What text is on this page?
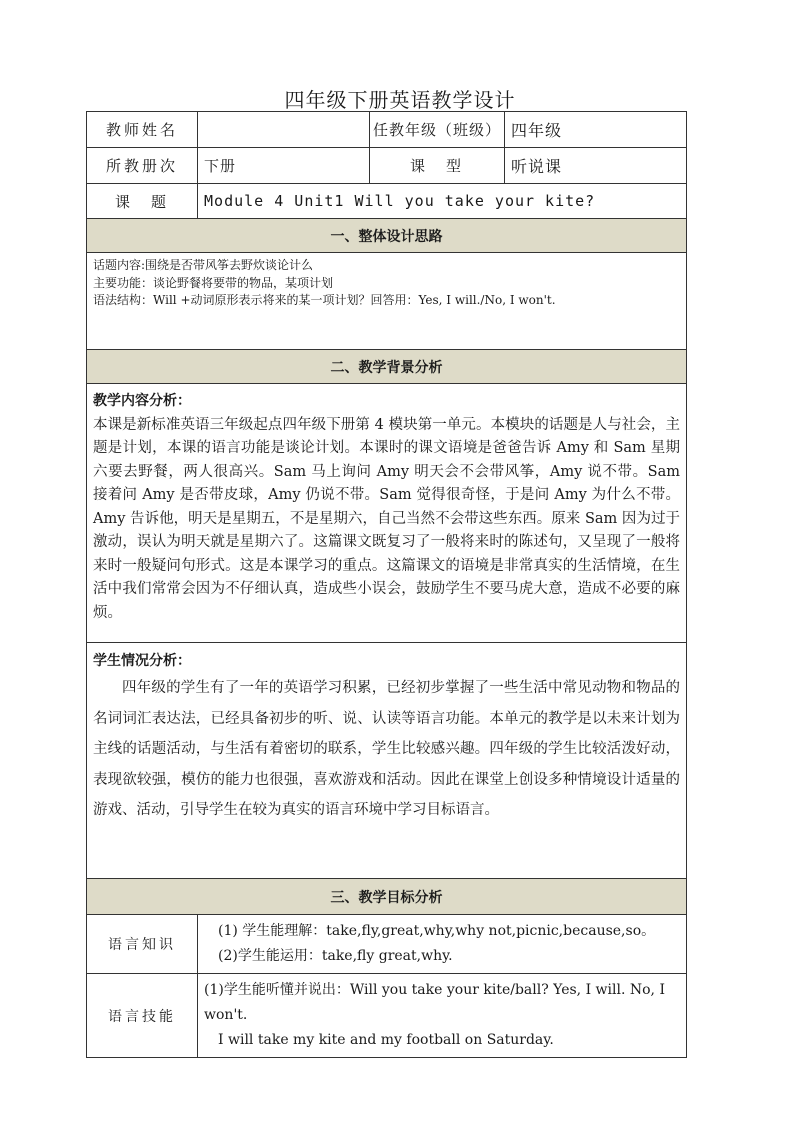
四年级下册英语教学设计
教师姓名		任教年级（班级）	四年级
所教册次	下册	课　型	听说课
课　题	Module 4 Unit1 Will you take your kite?		
一、整体设计思路			

话题内容:围绕是否带风筝去野炊谈论计么
主要功能：谈论野餐将要带的物品，某项计划
语法结构：Will +动词原形表示将来的某一项计划？回答用：Yes, I will./No, I won't.			

二、教学背景分析			

教学内容分析：
本课是新标准英语三年级起点四年级下册第 4 模块第一单元。本模块的话题是人与社会，主题是计划，本课的语言功能是谈论计划。本课时的课文语境是爸爸告诉 Amy 和 Sam 星期六要去野餐，两人很高兴。Sam 马上询问 Amy 明天会不会带风筝，Amy 说不带。Sam 接着问 Amy 是否带皮球，Amy 仍说不带。Sam 觉得很奇怪，于是问 Amy 为什么不带。Amy 告诉他，明天是星期五，不是星期六，自己当然不会带这些东西。原来 Sam 因为过于激动，误认为明天就是星期六了。这篇课文既复习了一般将来时的陈述句，又呈现了一般将来时一般疑问句形式。这是本课学习的重点。这篇课文的语境是非常真实的生活情境，在生活中我们常常会因为不仔细认真，造成些小误会，鼓励学生不要马虎大意，造成不必要的麻烦。			

学生情况分析：
四年级的学生有了一年的英语学习积累，已经初步掌握了一些生活中常见动物和物品的名词词汇表达法，已经具备初步的听、说、认读等语言功能。本单元的教学是以未来计划为主线的话题活动，与生活有着密切的联系，学生比较感兴趣。四年级的学生比较活泼好动，表现欲较强，模仿的能力也很强，喜欢游戏和活动。因此在课堂上创设多种情境设计适量的游戏、活动，引导学生在较为真实的语言环境中学习目标语言。			

三、教学目标分析			
语言知识	(1) 学生能理解：take,fly,great,why,why not,picnic,because,so。
(2)学生能运用：take,fly great,why.		

语言技能	(1)学生能听懂并说出：Will you take your kite/ball? Yes, I will. No, I won't.
I will take my kite and my football on Saturday.		
